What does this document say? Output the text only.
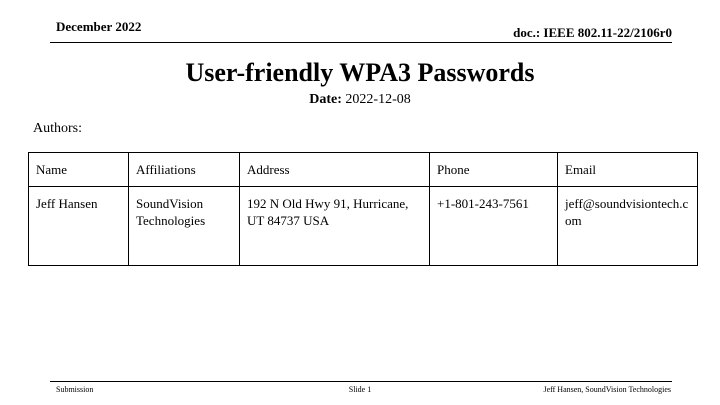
December 2022	doc.: IEEE 802.11-22/2106r0
User-friendly WPA3 Passwords
Date: 2022-12-08
Authors:
Name	Affiliations	Address	Phone	Email
Jeff Hansen	SoundVision Technologies	192 N Old Hwy 91, Hurricane, UT 84737 USA	+1-801-243-7561	jeff@soundvisiontech.com
Submission	Slide 1	Jeff Hansen, SoundVision Technologies
